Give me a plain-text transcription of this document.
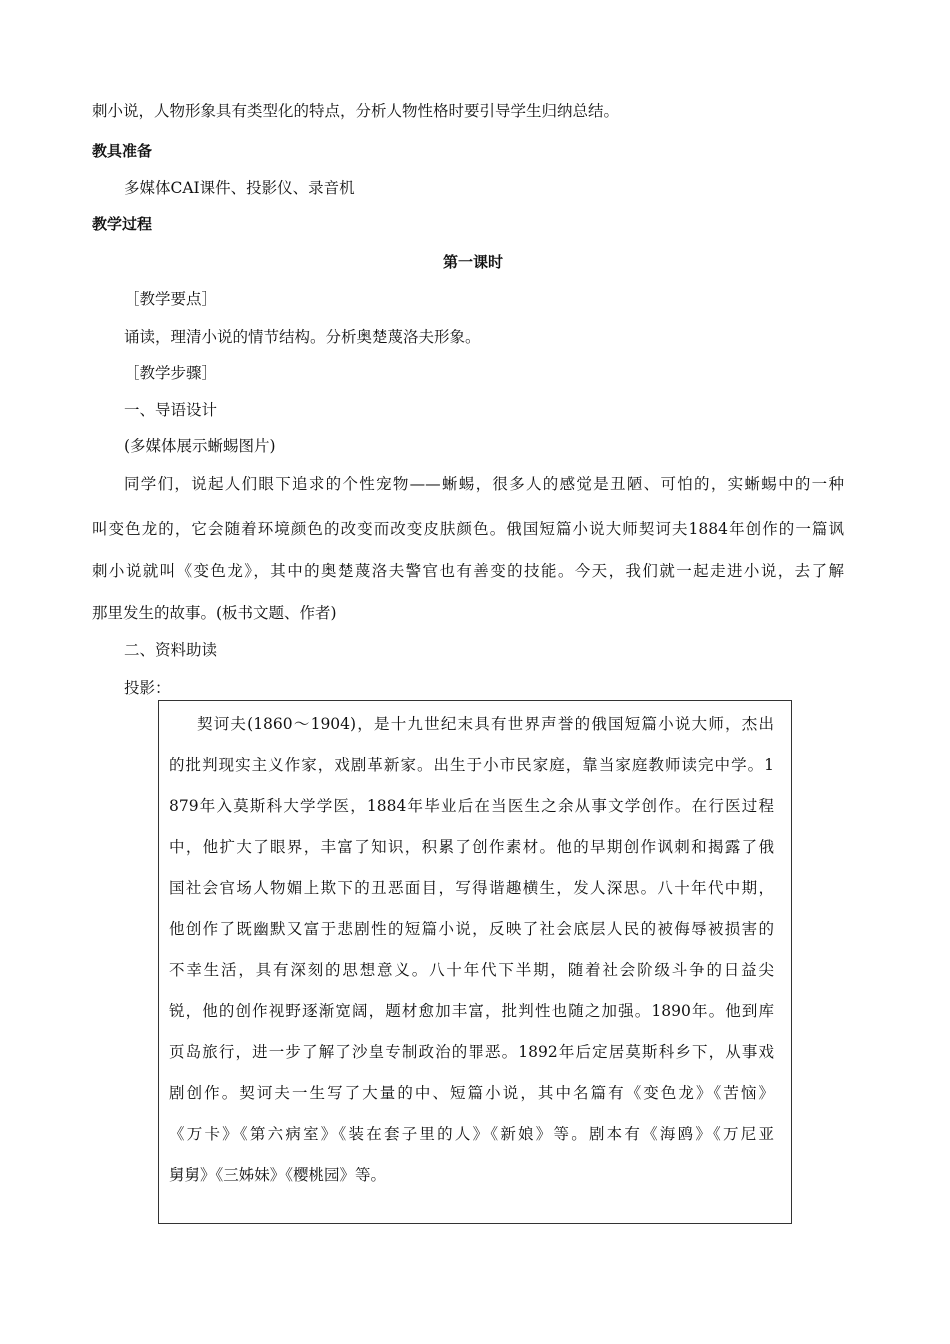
刺小说，人物形象具有类型化的特点，分析人物性格时要引导学生归纳总结。
教具准备
多媒体CAI课件、投影仪、录音机
教学过程
第一课时
［教学要点］
诵读，理清小说的情节结构。分析奥楚蔑洛夫形象。
［教学步骤］
一、导语设计
(多媒体展示蜥蜴图片)
同学们，说起人们眼下追求的个性宠物——蜥蜴，很多人的感觉是丑陋、可怕的，实蜥蜴中的一种
叫变色龙的，它会随着环境颜色的改变而改变皮肤颜色。俄国短篇小说大师契诃夫1884年创作的一篇讽
刺小说就叫《变色龙》，其中的奥楚蔑洛夫警官也有善变的技能。今天，我们就一起走进小说，去了解
那里发生的故事。(板书文题、作者)
二、资料助读
投影：
契诃夫(1860～1904)，是十九世纪末具有世界声誉的俄国短篇小说大师，杰出
的批判现实主义作家，戏剧革新家。出生于小市民家庭，靠当家庭教师读完中学。1
879年入莫斯科大学学医，1884年毕业后在当医生之余从事文学创作。在行医过程
中，他扩大了眼界，丰富了知识，积累了创作素材。他的早期创作讽刺和揭露了俄
国社会官场人物媚上欺下的丑恶面目，写得谐趣横生，发人深思。八十年代中期，
他创作了既幽默又富于悲剧性的短篇小说，反映了社会底层人民的被侮辱被损害的
不幸生活，具有深刻的思想意义。八十年代下半期，随着社会阶级斗争的日益尖
锐，他的创作视野逐渐宽阔，题材愈加丰富，批判性也随之加强。1890年。他到库
页岛旅行，进一步了解了沙皇专制政治的罪恶。1892年后定居莫斯科乡下，从事戏
剧创作。契诃夫一生写了大量的中、短篇小说，其中名篇有《变色龙》《苦恼》
《万卡》《第六病室》《装在套子里的人》《新娘》等。剧本有《海鸥》《万尼亚
舅舅》《三姊妹》《樱桃园》等。
